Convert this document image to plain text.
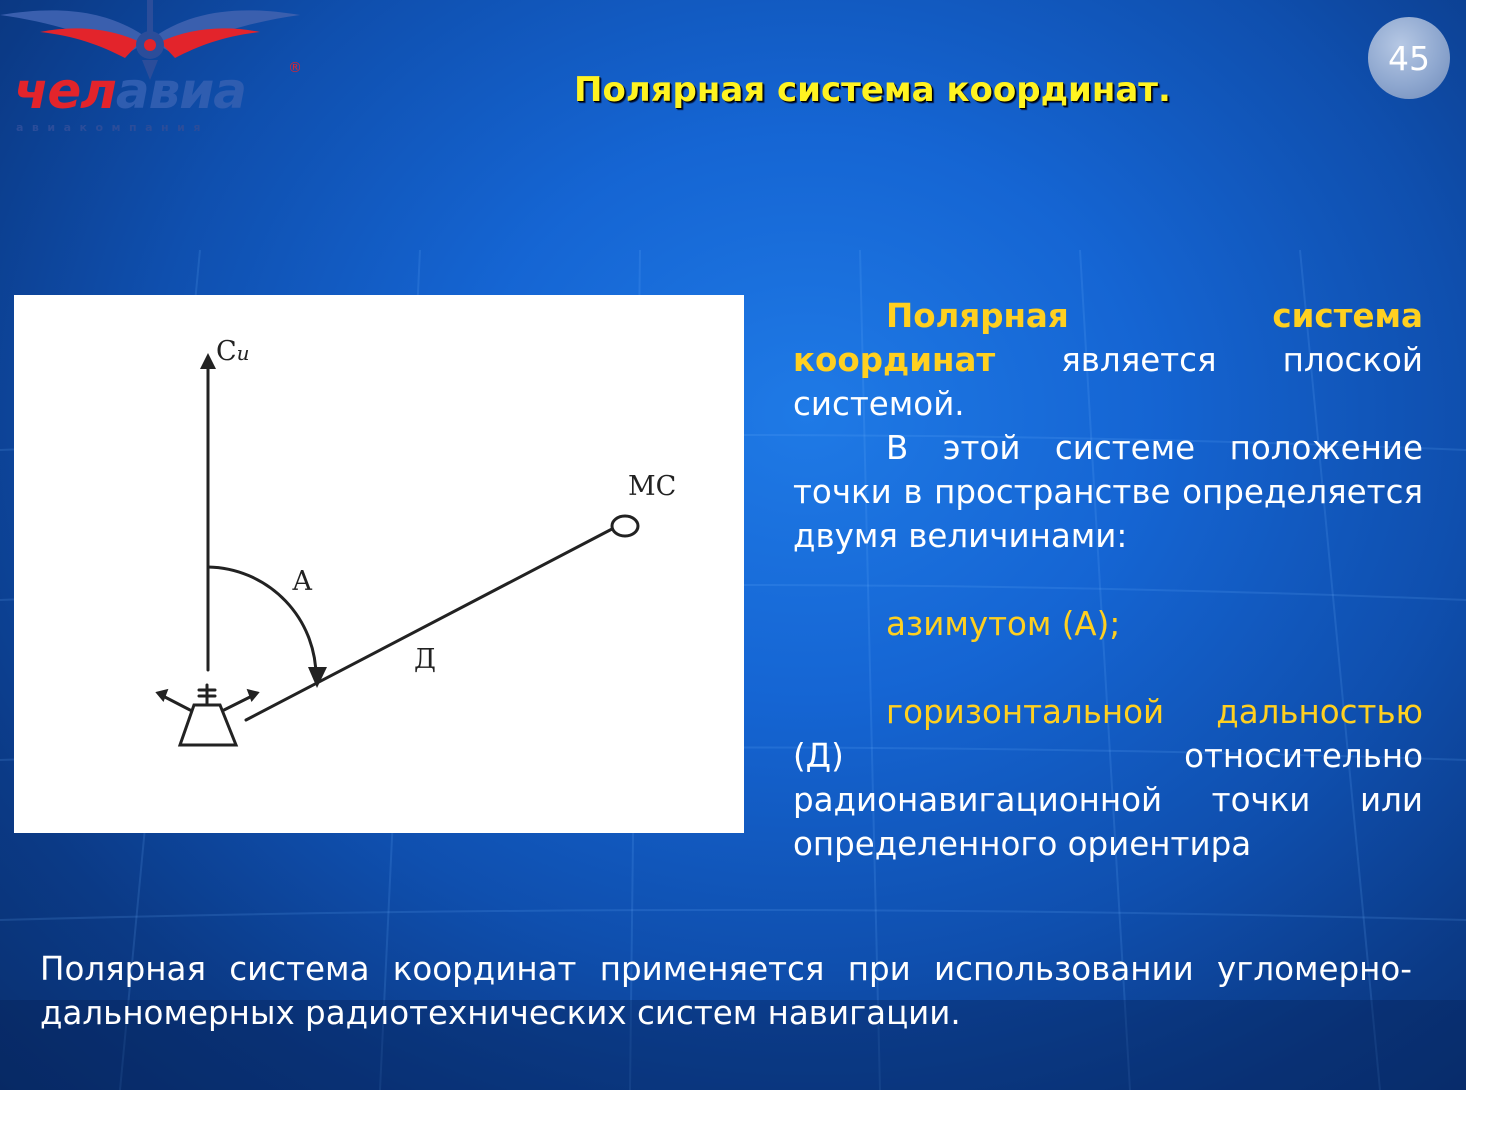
челавиа	®
авиакомпания
Полярная система координат.
45
Си
МС
А
Д

Полярная система координат является плоской системой.

В этой системе положение точки в пространстве определяется двумя величинами:

азимутом (А);

горизонтальной дальностью (Д) относительно радионавигационной точки или определенного ориентира

Полярная система координат применяется при использовании угломерно-дальномерных радиотехнических систем навигации.
